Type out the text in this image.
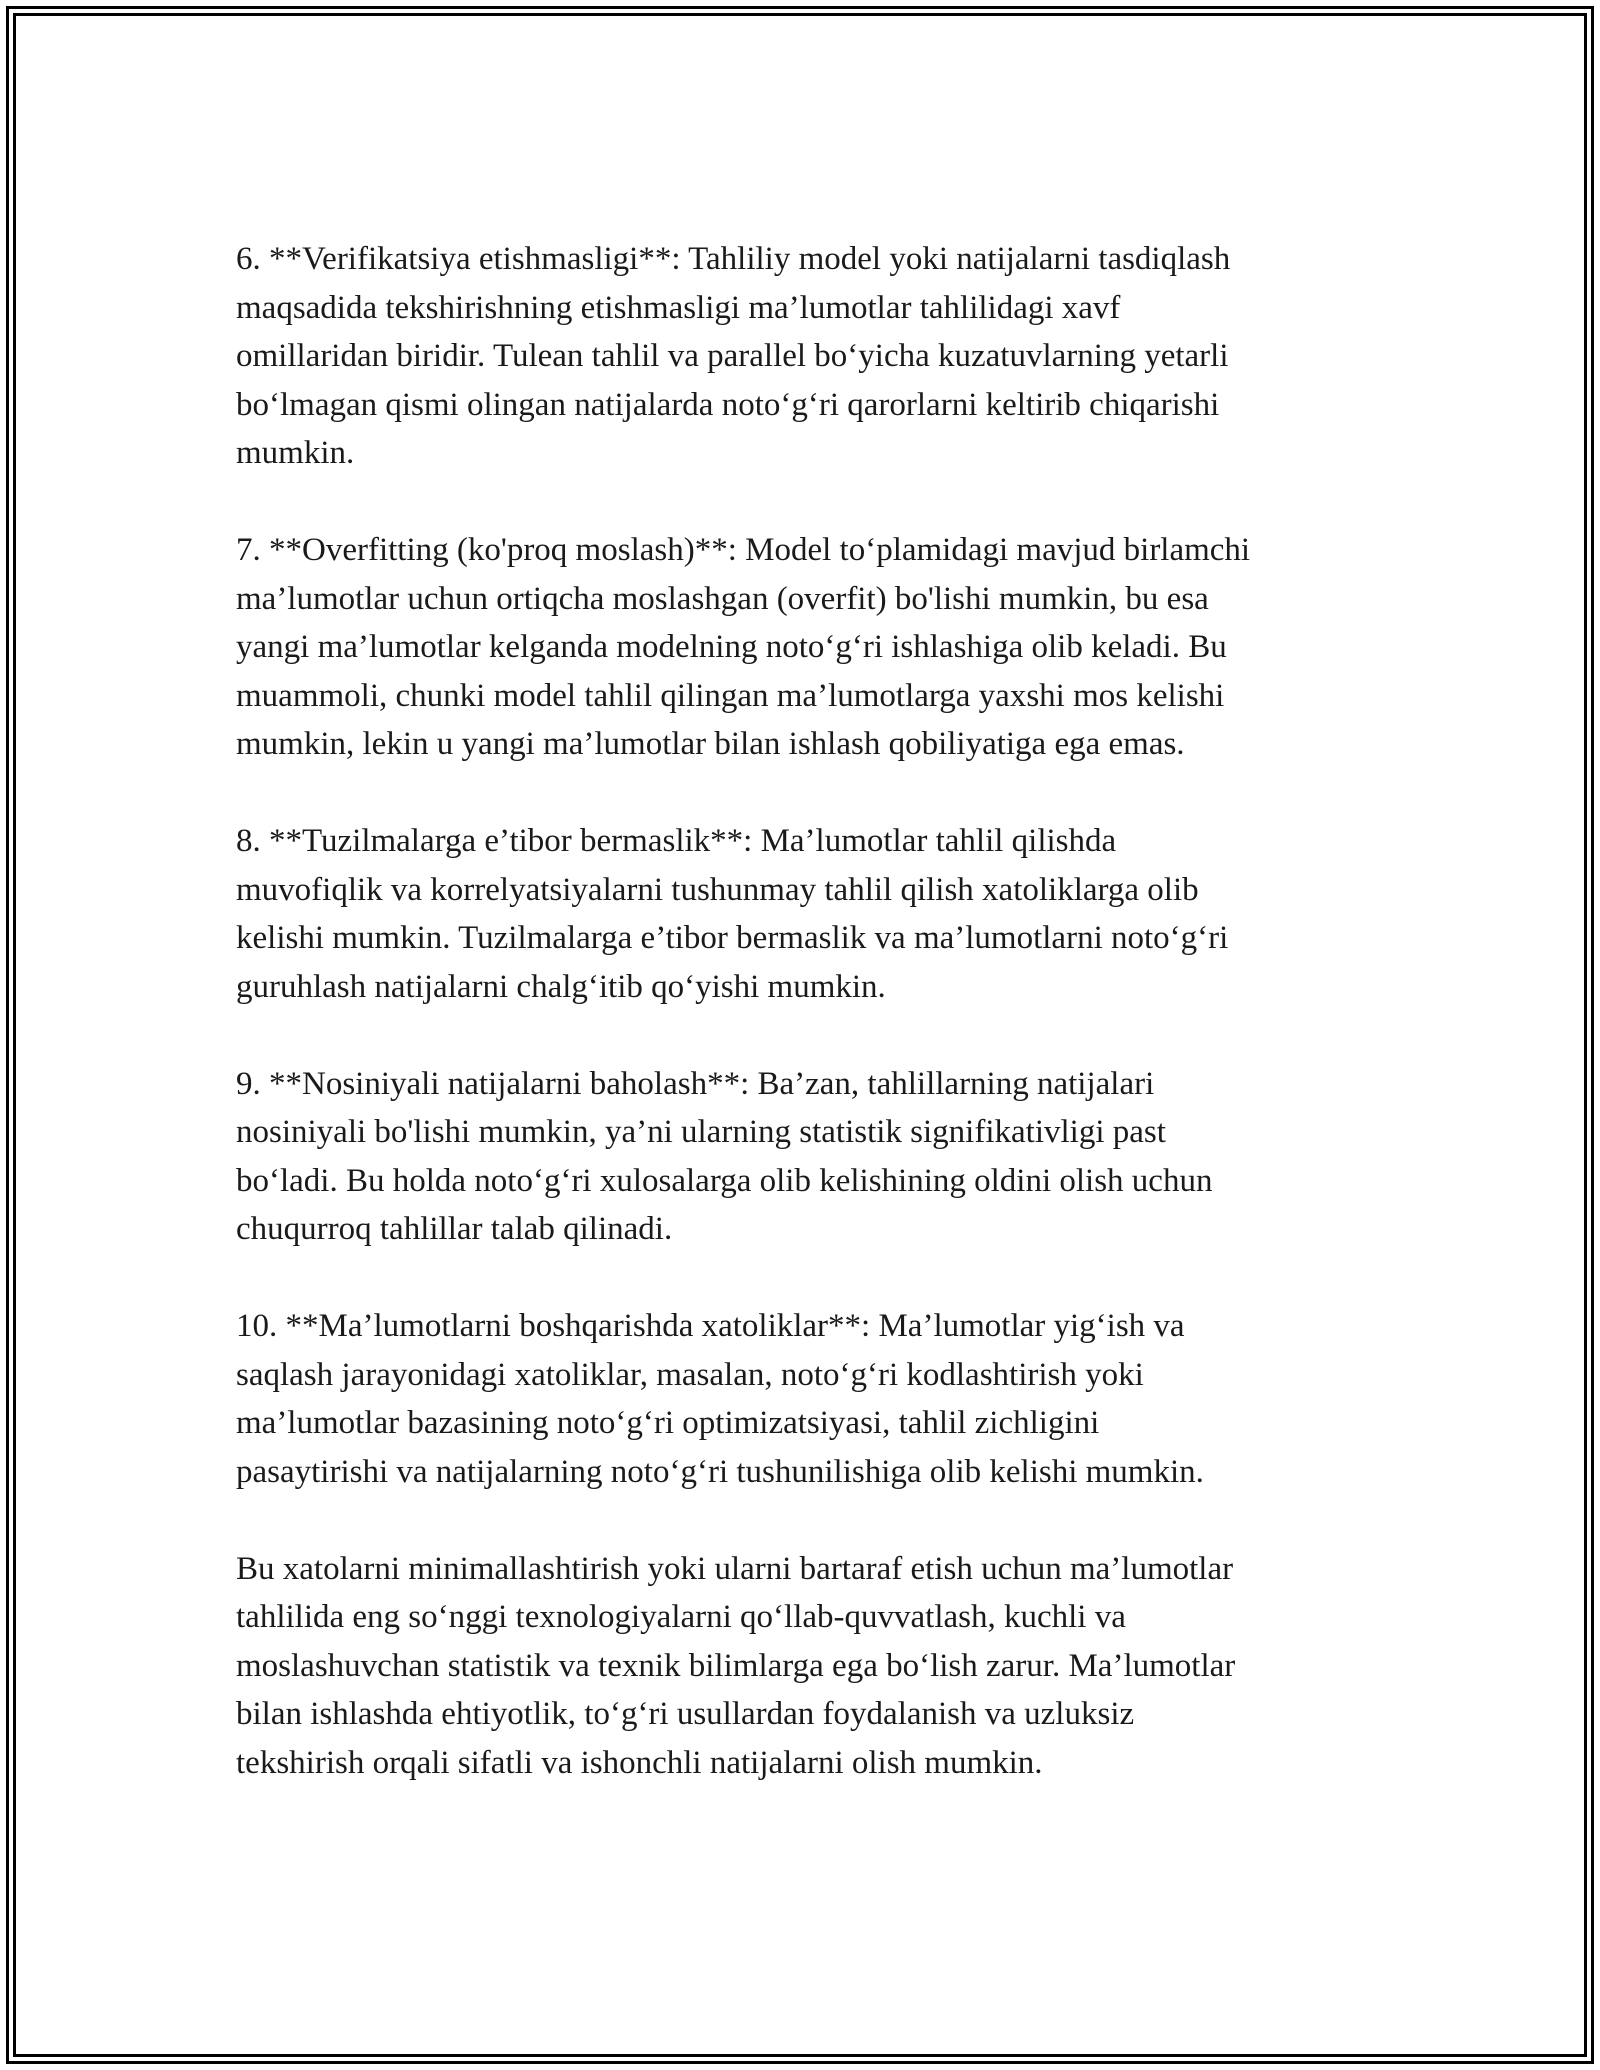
6. **Verifikatsiya etishmasligi**: Tahliliy model yoki natijalarni tasdiqlash
maqsadida tekshirishning etishmasligi ma’lumotlar tahlilidagi xavf
omillaridan biridir. Tulean tahlil va parallel bo‘yicha kuzatuvlarning yetarli
bo‘lmagan qismi olingan natijalarda noto‘g‘ri qarorlarni keltirib chiqarishi
mumkin.

7. **Overfitting (ko'proq moslash)**: Model to‘plamidagi mavjud birlamchi
ma’lumotlar uchun ortiqcha moslashgan (overfit) bo'lishi mumkin, bu esa
yangi ma’lumotlar kelganda modelning noto‘g‘ri ishlashiga olib keladi. Bu
muammoli, chunki model tahlil qilingan ma’lumotlarga yaxshi mos kelishi
mumkin, lekin u yangi ma’lumotlar bilan ishlash qobiliyatiga ega emas.

8. **Tuzilmalarga e’tibor bermaslik**: Ma’lumotlar tahlil qilishda
muvofiqlik va korrelyatsiyalarni tushunmay tahlil qilish xatoliklarga olib
kelishi mumkin. Tuzilmalarga e’tibor bermaslik va ma’lumotlarni noto‘g‘ri
guruhlash natijalarni chalg‘itib qo‘yishi mumkin.

9. **Nosiniyali natijalarni baholash**: Ba’zan, tahlillarning natijalari
nosiniyali bo'lishi mumkin, ya’ni ularning statistik signifikativligi past
bo‘ladi. Bu holda noto‘g‘ri xulosalarga olib kelishining oldini olish uchun
chuqurroq tahlillar talab qilinadi.

10. **Ma’lumotlarni boshqarishda xatoliklar**: Ma’lumotlar yig‘ish va
saqlash jarayonidagi xatoliklar, masalan, noto‘g‘ri kodlashtirish yoki
ma’lumotlar bazasining noto‘g‘ri optimizatsiyasi, tahlil zichligini
pasaytirishi va natijalarning noto‘g‘ri tushunilishiga olib kelishi mumkin.

Bu xatolarni minimallashtirish yoki ularni bartaraf etish uchun ma’lumotlar
tahlilida eng so‘nggi texnologiyalarni qo‘llab-quvvatlash, kuchli va
moslashuvchan statistik va texnik bilimlarga ega bo‘lish zarur. Ma’lumotlar
bilan ishlashda ehtiyotlik, to‘g‘ri usullardan foydalanish va uzluksiz
tekshirish orqali sifatli va ishonchli natijalarni olish mumkin.
